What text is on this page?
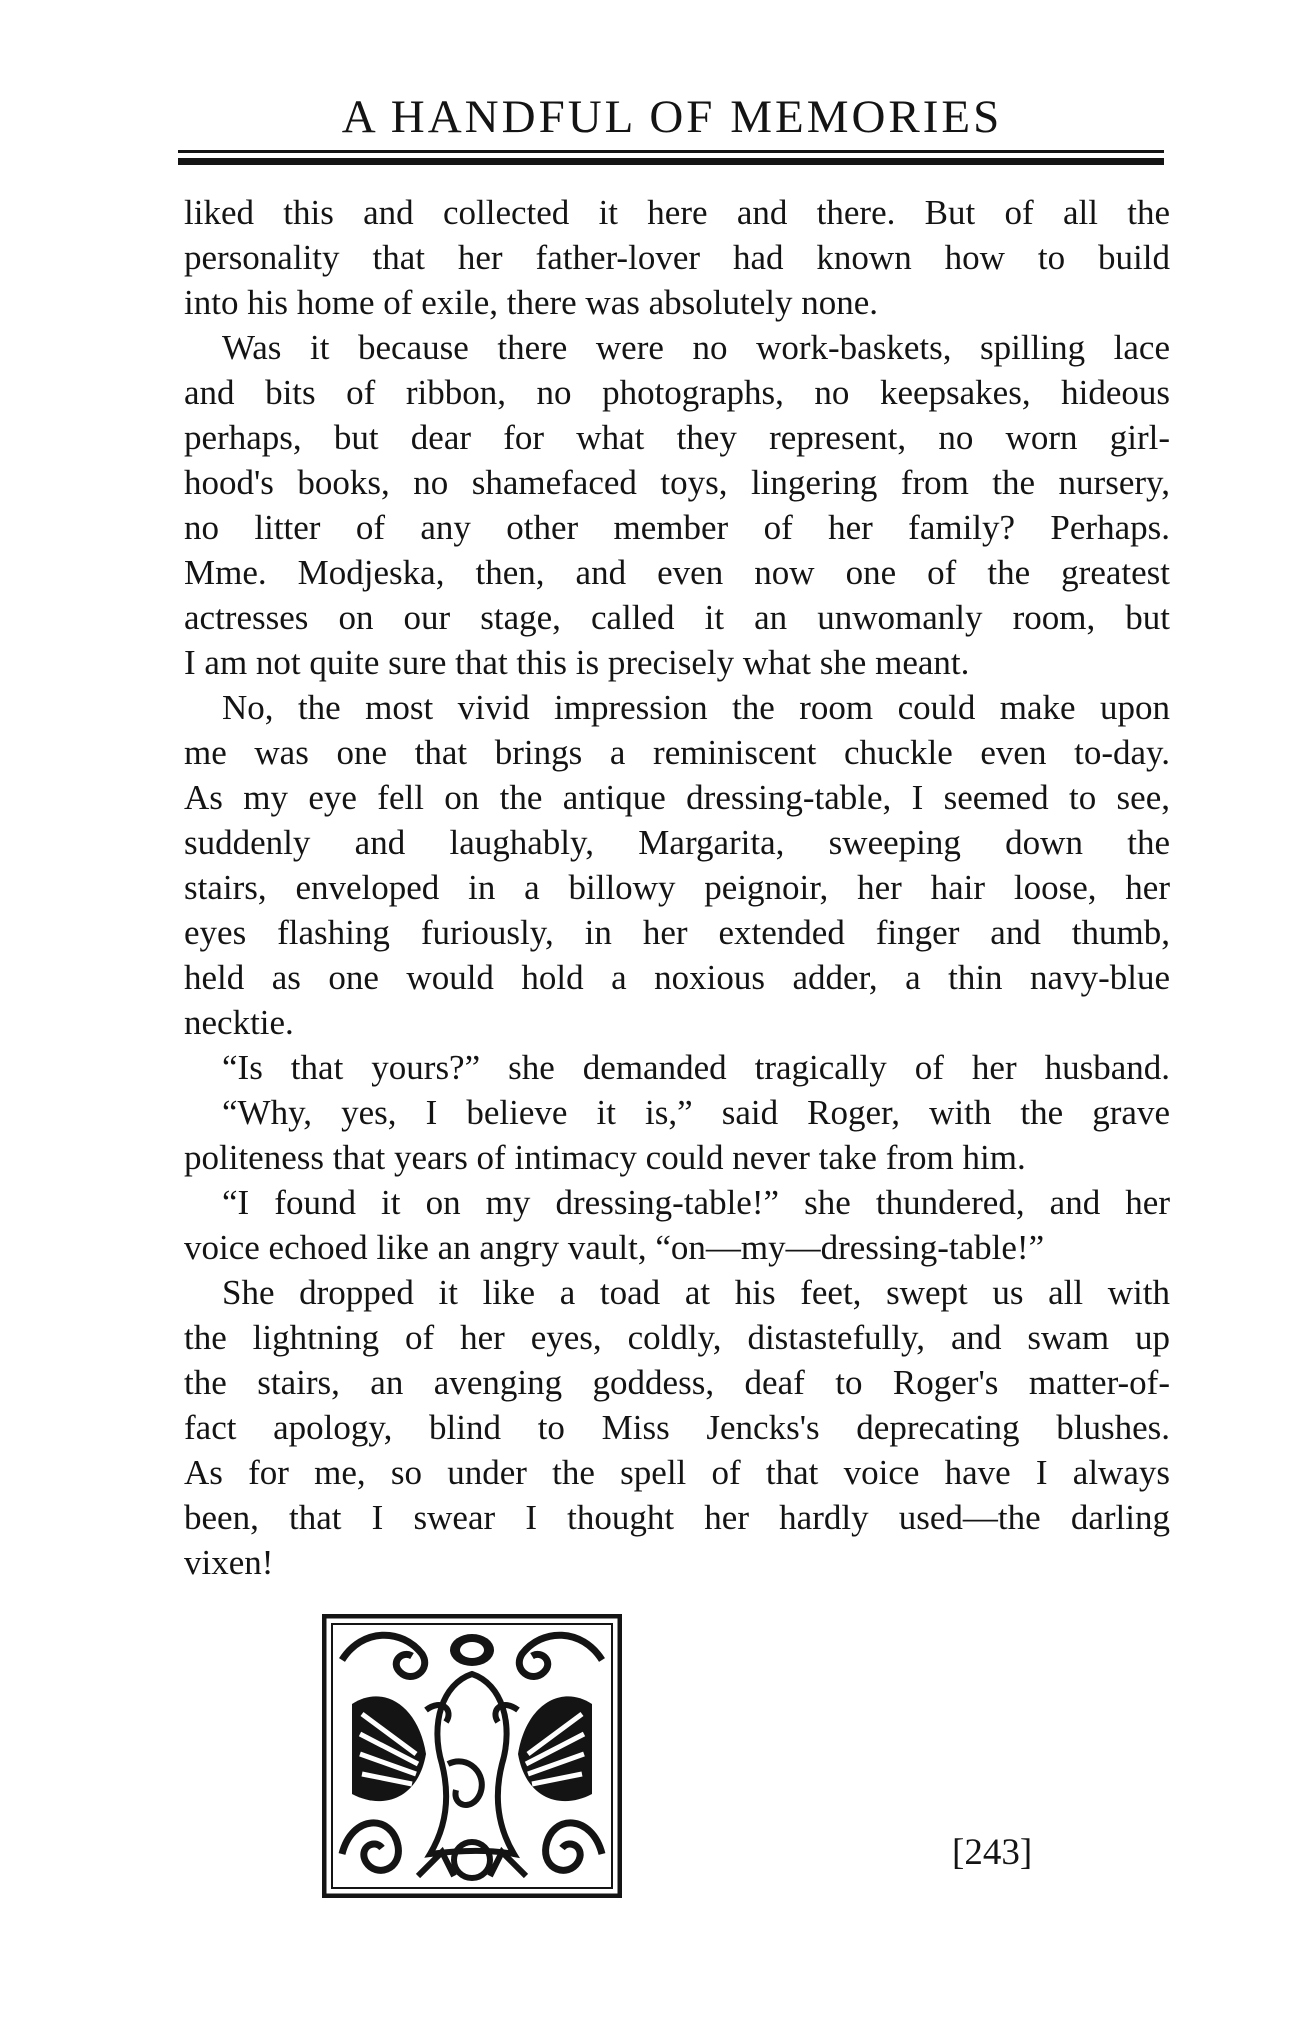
A HANDFUL OF MEMORIES
liked this and collected it here and there. But of all the
personality that her father-lover had known how to build
into his home of exile, there was absolutely none.
Was it because there were no work-baskets, spilling lace
and bits of ribbon, no photographs, no keepsakes, hideous
perhaps, but dear for what they represent, no worn girl-
hood's books, no shamefaced toys, lingering from the nursery,
no litter of any other member of her family? Perhaps.
Mme. Modjeska, then, and even now one of the greatest
actresses on our stage, called it an unwomanly room, but
I am not quite sure that this is precisely what she meant.
No, the most vivid impression the room could make upon
me was one that brings a reminiscent chuckle even to-day.
As my eye fell on the antique dressing-table, I seemed to see,
suddenly and laughably, Margarita, sweeping down the
stairs, enveloped in a billowy peignoir, her hair loose, her
eyes flashing furiously, in her extended finger and thumb,
held as one would hold a noxious adder, a thin navy-blue
necktie.
“Is that yours?” she demanded tragically of her husband.
“Why, yes, I believe it is,” said Roger, with the grave
politeness that years of intimacy could never take from him.
“I found it on my dressing-table!” she thundered, and her
voice echoed like an angry vault, “on—my—dressing-table!”
She dropped it like a toad at his feet, swept us all with
the lightning of her eyes, coldly, distastefully, and swam up
the stairs, an avenging goddess, deaf to Roger's matter-of-
fact apology, blind to Miss Jencks's deprecating blushes.
As for me, so under the spell of that voice have I always
been, that I swear I thought her hardly used—the darling
vixen!
[243]
